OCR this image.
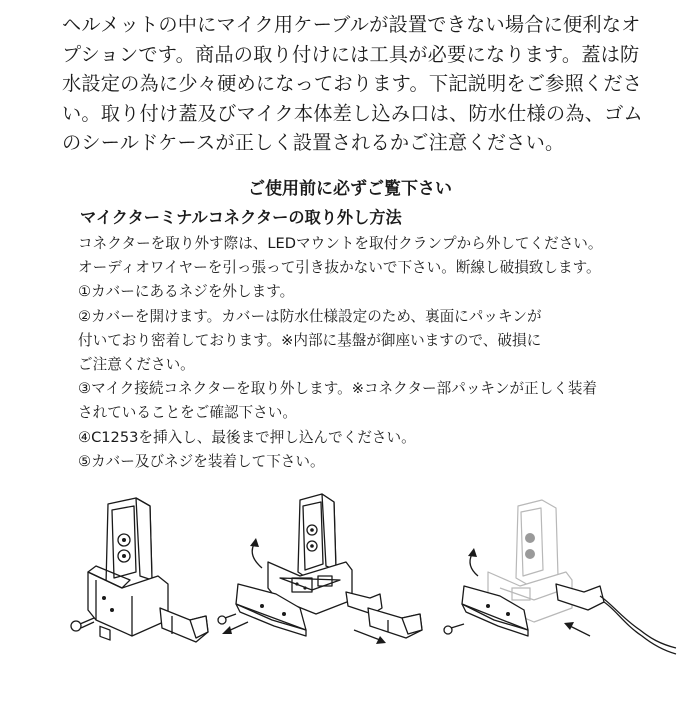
ヘルメットの中にマイク用ケーブルが設置できない場合に便利なオ

プションです。商品の取り付けには工具が必要になります。蓋は防

水設定の為に少々硬めになっております。下記説明をご参照くださ

い。取り付け蓋及びマイク本体差し込み口は、防水仕様の為、ゴム

のシールドケースが正しく設置されるかご注意ください。

ご使用前に必ずご覧下さい
マイクターミナルコネクターの取り外し方法

コネクターを取り外す際は、LEDマウントを取付クランプから外してください。

オーディオワイヤーを引っ張って引き抜かないで下さい。断線し破損致します。

①カバーにあるネジを外します。

②カバーを開けます。カバーは防水仕様設定のため、裏面にパッキンが

付いており密着しております。※内部に基盤が御座いますので、破損に

ご注意ください。

③マイク接続コネクターを取り外します。※コネクター部パッキンが正しく装着

されていることをご確認下さい。

④C1253を挿入し、最後まで押し込んでください。

⑤カバー及びネジを装着して下さい。
